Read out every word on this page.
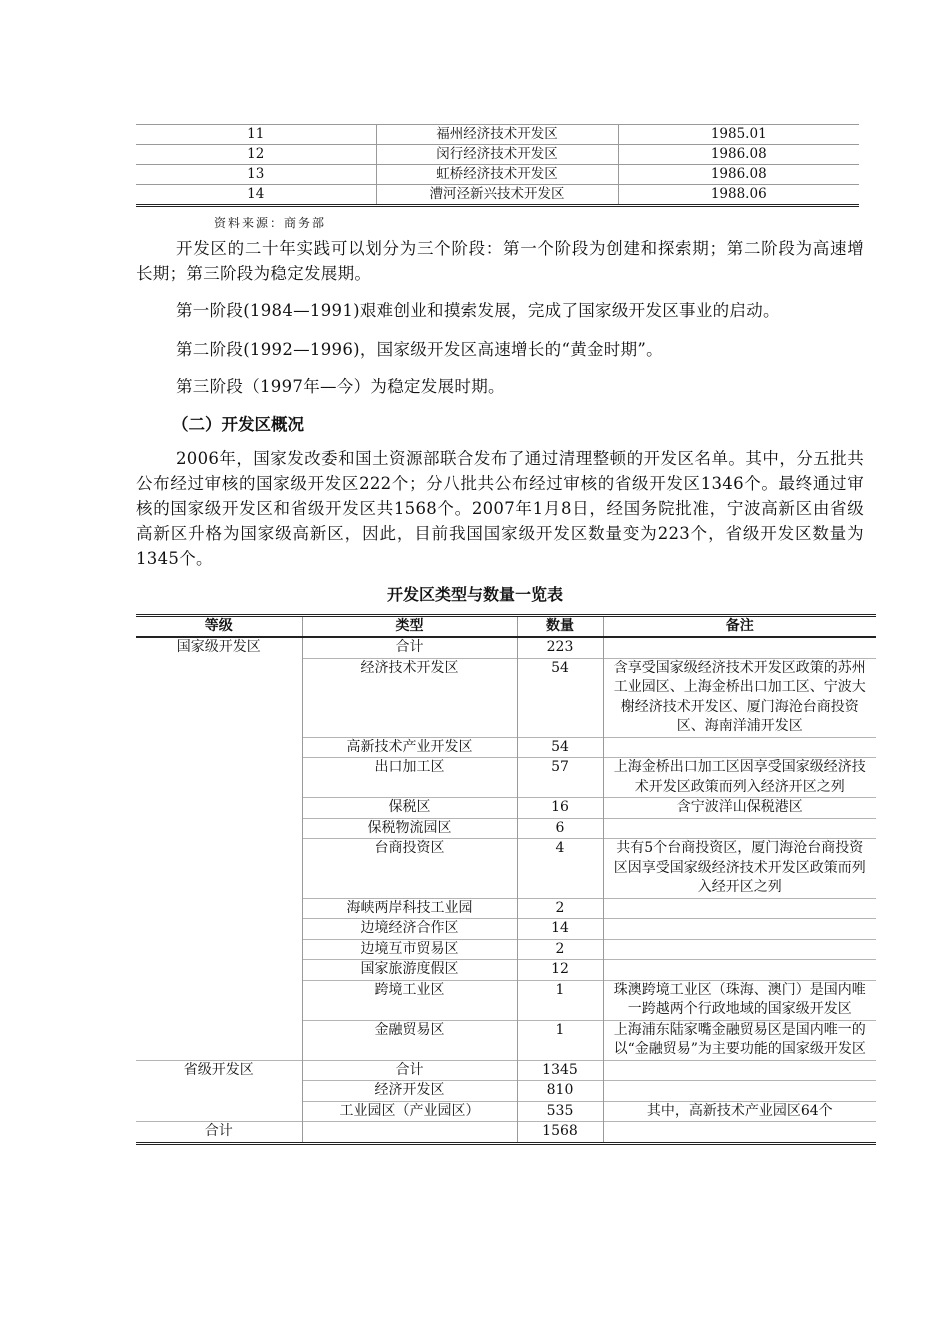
11	福州经济技术开发区	1985.01
12	闵行经济技术开发区	1986.08
13	虹桥经济技术开发区	1986.08
14	漕河泾新兴技术开发区	1988.06
资料来源：商务部

开发区的二十年实践可以划分为三个阶段：第一个阶段为创建和探索期；第二阶段为高速增长期；第三阶段为稳定发展期。

第一阶段(1984—1991)艰难创业和摸索发展，完成了国家级开发区事业的启动。

第二阶段(1992—1996)，国家级开发区高速增长的“黄金时期”。

第三阶段（1997年—今）为稳定发展时期。

（二）开发区概况

2006年，国家发改委和国土资源部联合发布了通过清理整顿的开发区名单。其中，分五批共公布经过审核的国家级开发区222个；分八批共公布经过审核的省级开发区1346个。最终通过审核的国家级开发区和省级开发区共1568个。2007年1月8日，经国务院批准，宁波高新区由省级高新区升格为国家级高新区，因此，目前我国国家级开发区数量变为223个，省级开发区数量为1345个。

开发区类型与数量一览表
等级	类型	数量	备注
国家级开发区	合计	223	
	经济技术开发区	54	含享受国家级经济技术开发区政策的苏州工业园区、上海金桥出口加工区、宁波大榭经济技术开发区、厦门海沧台商投资区、海南洋浦开发区
	高新技术产业开发区	54	
	出口加工区	57	上海金桥出口加工区因享受国家级经济技术开发区政策而列入经济开区之列
	保税区	16	含宁波洋山保税港区
	保税物流园区	6	
	台商投资区	4	共有5个台商投资区，厦门海沧台商投资区因享受国家级经济技术开发区政策而列入经开区之列
	海峡两岸科技工业园	2	
	边境经济合作区	14	
	边境互市贸易区	2	
	国家旅游度假区	12	
	跨境工业区	1	珠澳跨境工业区（珠海、澳门）是国内唯一跨越两个行政地域的国家级开发区
	金融贸易区	1	上海浦东陆家嘴金融贸易区是国内唯一的以“金融贸易”为主要功能的国家级开发区
省级开发区	合计	1345	
	经济开发区	810	
	工业园区（产业园区）	535	其中，高新技术产业园区64个
合计		1568	
